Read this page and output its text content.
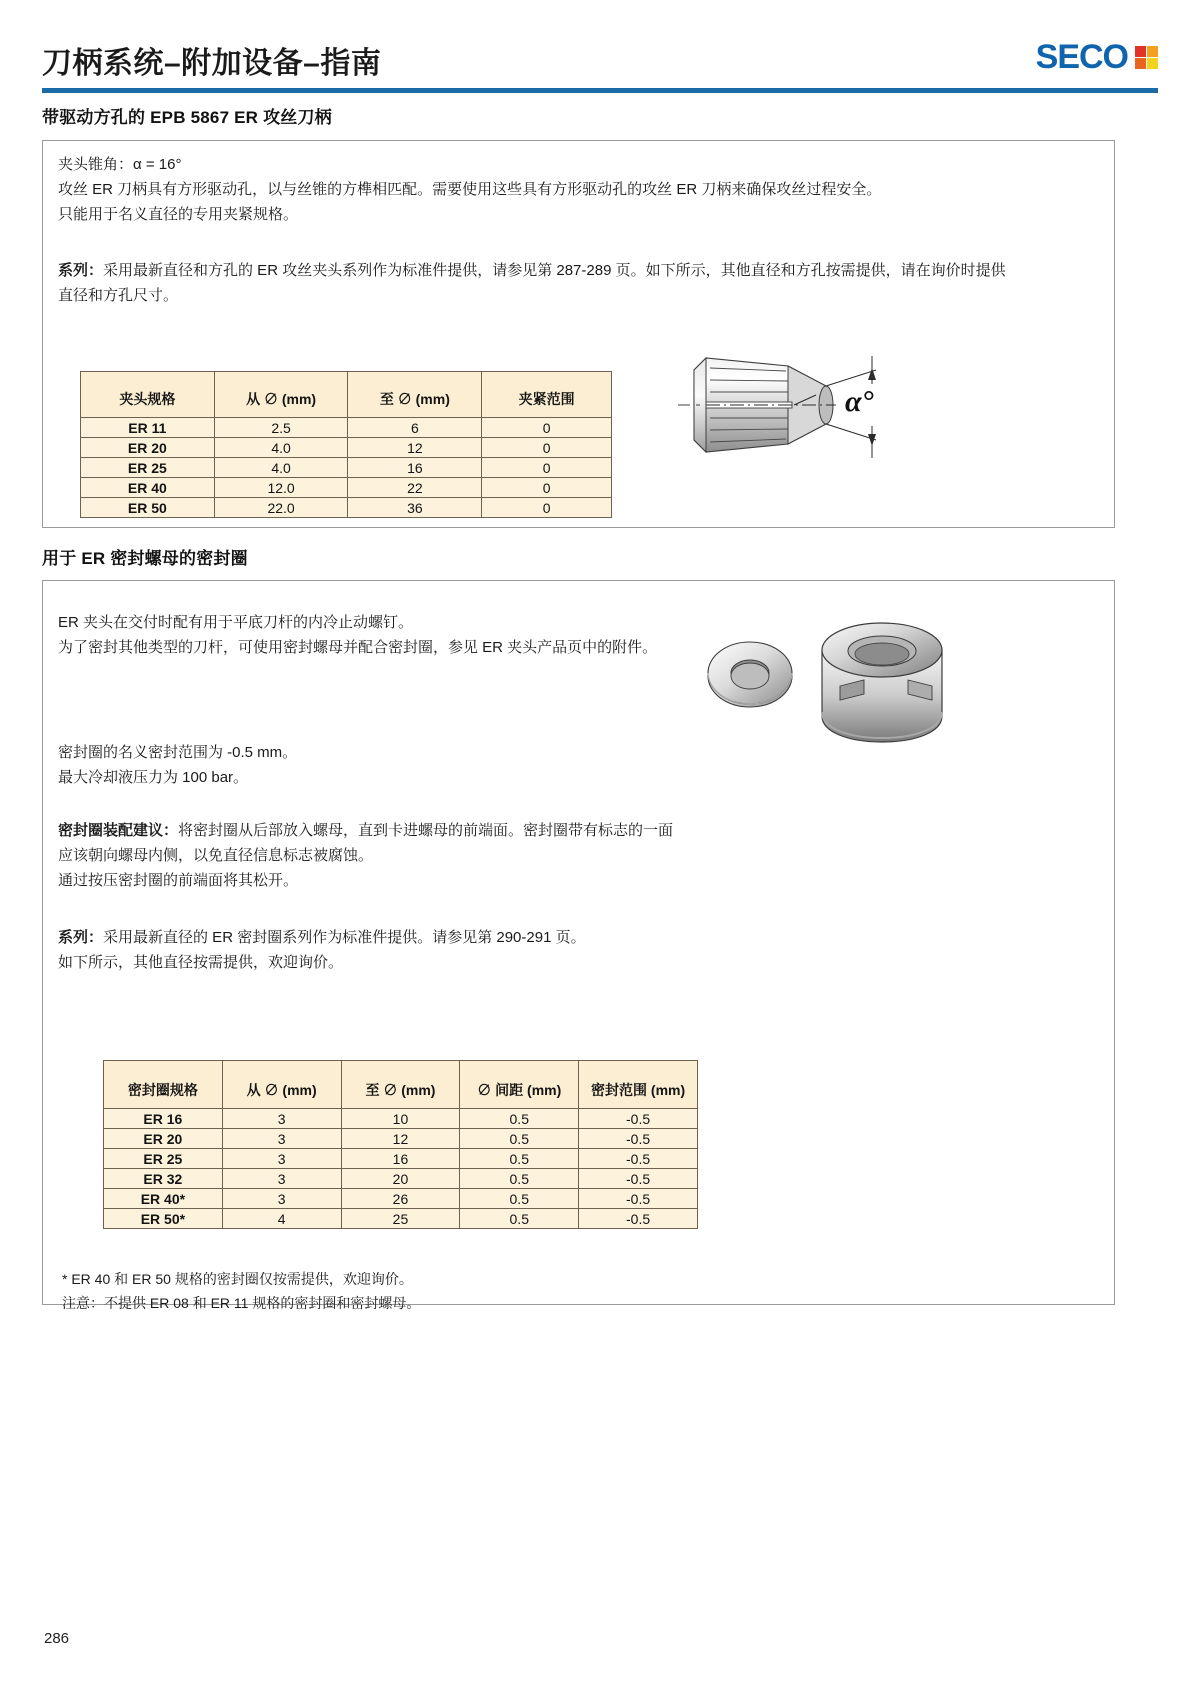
刀柄系统–附加设备–指南	SECO
带驱动方孔的 EPB 5867 ER 攻丝刀柄
夹头锥角：α = 16°
攻丝 ER 刀柄具有方形驱动孔，以与丝锥的方榫相匹配。需要使用这些具有方形驱动孔的攻丝 ER 刀柄来确保攻丝过程安全。
只能用于名义直径的专用夹紧规格。
系列：采用最新直径和方孔的 ER 攻丝夹头系列作为标准件提供，请参见第 287-289 页。如下所示，其他直径和方孔按需提供，请在询价时提供直径和方孔尺寸。
夹头规格	从 ∅ (mm)	至 ∅ (mm)	夹紧范围
ER 11	2.5	6	0
ER 20	4.0	12	0
ER 25	4.0	16	0
ER 40	12.0	22	0
ER 50	22.0	36	0
α°
用于 ER 密封螺母的密封圈
ER 夹头在交付时配有用于平底刀杆的内冷止动螺钉。
为了密封其他类型的刀杆，可使用密封螺母并配合密封圈，参见 ER 夹头产品页中的附件。
密封圈的名义密封范围为 -0.5 mm。
最大冷却液压力为 100 bar。
密封圈装配建议：将密封圈从后部放入螺母，直到卡进螺母的前端面。密封圈带有标志的一面应该朝向螺母内侧，以免直径信息标志被腐蚀。
通过按压密封圈的前端面将其松开。
系列：采用最新直径的 ER 密封圈系列作为标准件提供。请参见第 290-291 页。
如下所示，其他直径按需提供，欢迎询价。
密封圈规格	从 ∅ (mm)	至 ∅ (mm)	∅ 间距 (mm)	密封范围 (mm)
ER 16	3	10	0.5	-0.5
ER 20	3	12	0.5	-0.5
ER 25	3	16	0.5	-0.5
ER 32	3	20	0.5	-0.5
ER 40*	3	26	0.5	-0.5
ER 50*	4	25	0.5	-0.5
* ER 40 和 ER 50 规格的密封圈仅按需提供，欢迎询价。
注意：不提供 ER 08 和 ER 11 规格的密封圈和密封螺母。
286
